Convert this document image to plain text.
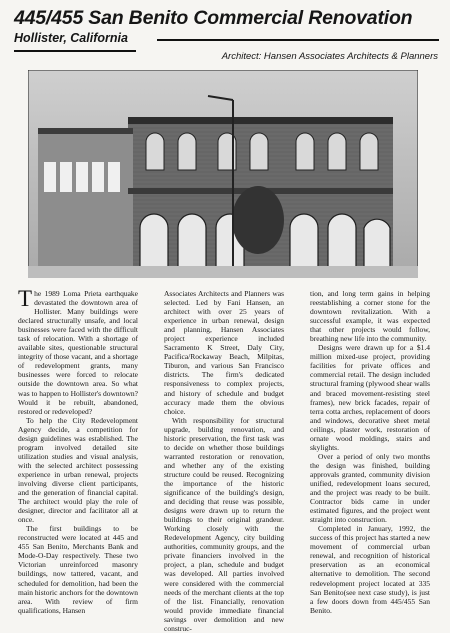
445/455 San Benito Commercial Renovation
Hollister, California
Architect: Hansen Associates Architects & Planners

The 1989 Loma Prieta earthquake devastated the downtown area of Hollister. Many buildings were declared structurally unsafe, and local businesses were faced with the difficult task of relocation. With a shortage of available sites, questionable structural integrity of those vacant, and a shortage of redevelopment grants, many businesses were forced to relocate outside the downtown area. So what was to happen to Hollister's downtown? Would it be rebuilt, abandoned, restored or redeveloped?

To help the City Redevelopment Agency decide, a competition for design guidelines was established. The program involved detailed site utilization studies and visual analysis, with the selected architect possessing experience in urban renewal, projects involving diverse client participants, and the generation of financial capital. The architect would play the role of designer, director and facilitator all at once.

The first buildings to be reconstructed were located at 445 and 455 San Benito, Merchants Bank and Mode-O-Day respectively. These two Victorian unreinforced masonry buildings, now tattered, vacant, and scheduled for demolition, had been the main historic anchors for the downtown area. With review of firm qualifications, Hansen

Associates Architects and Planners was selected. Led by Fani Hansen, an architect with over 25 years of experience in urban renewal, design and planning, Hansen Associates project experience included Sacramento K Street, Daly City, Pacifica/Rockaway Beach, Milpitas, Tiburon, and various San Francisco districts. The firm's dedicated responsiveness to complex projects, and history of schedule and budget accuracy made them the obvious choice.

With responsibility for structural upgrade, building renovation, and historic preservation, the first task was to decide on whether those buildings warranted restoration or renovation, and whether any of the existing structure could be reused. Recognizing the importance of the historic significance of the building's design, and deciding that reuse was possible, designs were drawn up to return the buildings to their original grandeur. Working closely with the Redevelopment Agency, city building authorities, community groups, and the private financiers involved in the project, a plan, schedule and budget was developed. All parties involved were considered with the commercial needs of the merchant clients at the top of the list. Financially, renovation would provide immediate financial savings over demolition and new construc-

tion, and long term gains in helping reestablishing a corner stone for the downtown revitalization. With a successful example, it was expected that other projects would follow, breathing new life into the community.

Designs were drawn up for a $1.4 million mixed-use project, providing facilities for private offices and commercial retail. The design included structural framing (plywood shear walls and braced movement-resisting steel frames), new brick facades, repair of terra cotta arches, replacement of doors and windows, decorative sheet metal ceilings, plaster work, restoration of ornate wood moldings, stairs and skylights.

Over a period of only two months the design was finished, building approvals granted, community division unified, redevelopment loans secured, and the project was ready to be built. Contractor bids came in under estimated figures, and the project went straight into construction.

Completed in January, 1992, the success of this project has started a new movement of commercial urban renewal, and recognition of historical preservation as an economical alternative to demolition. The second redevelopment project located at 335 San Benito(see next case study), is just a few doors down from 445/455 San Benito.
